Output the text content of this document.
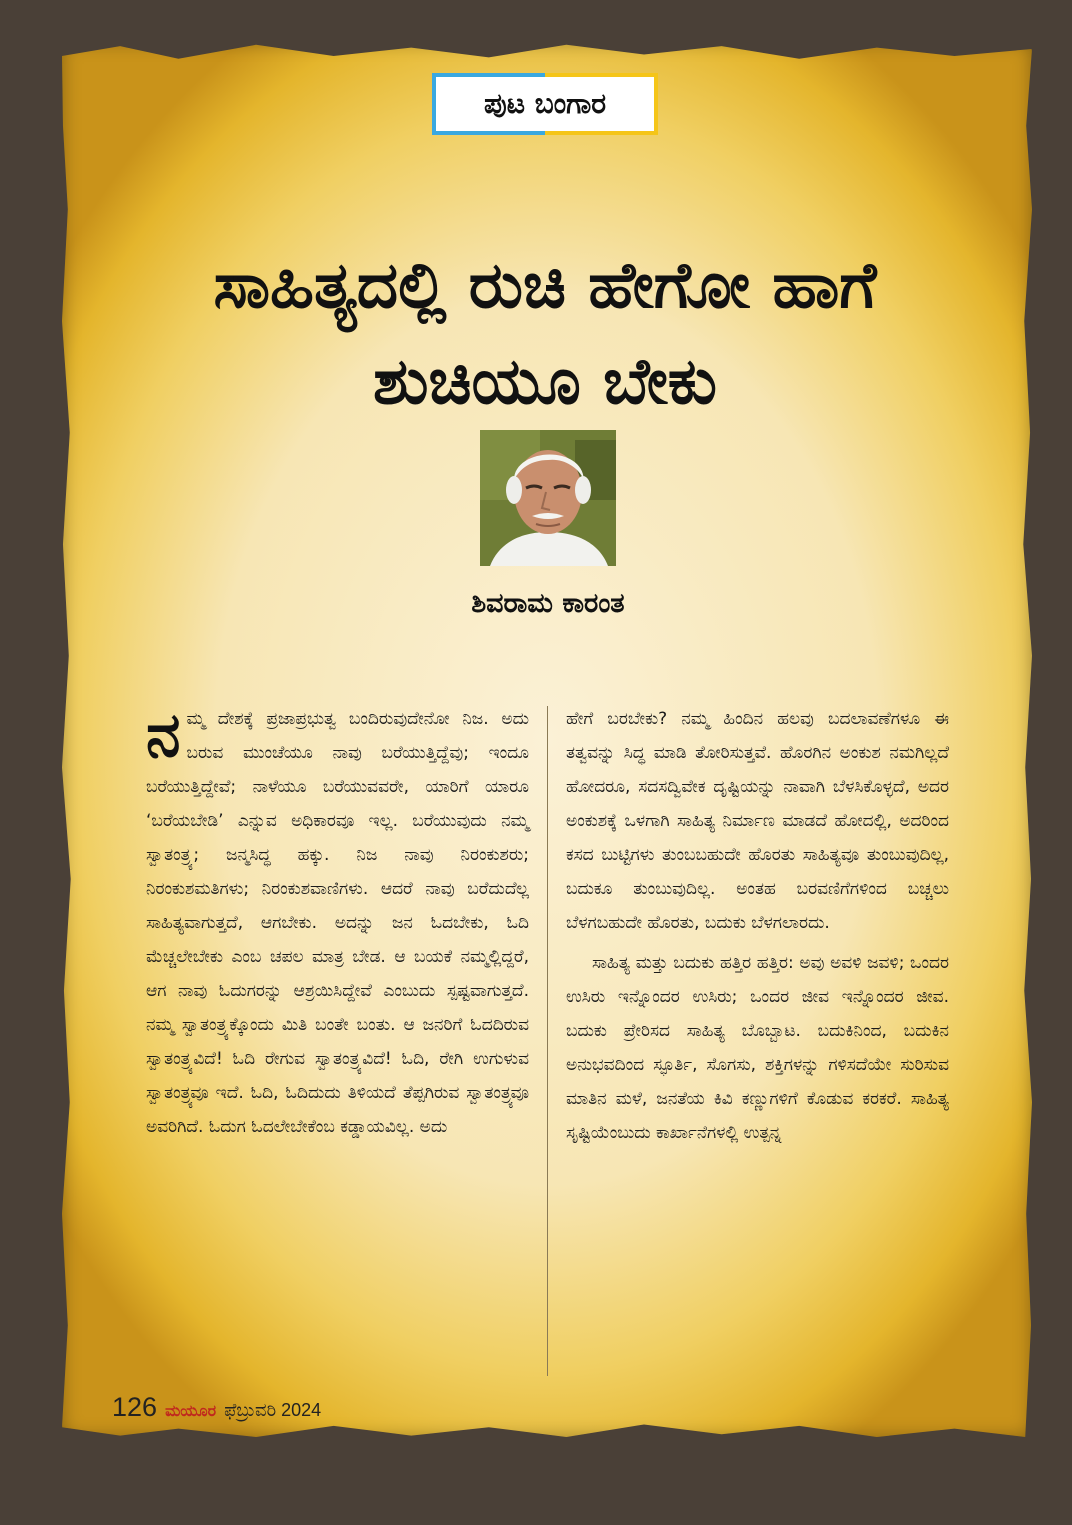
ಪುಟ ಬಂಗಾರ
ಸಾಹಿತ್ಯದಲ್ಲಿ ರುಚಿ ಹೇಗೋ ಹಾಗೆ
ಶುಚಿಯೂ ಬೇಕು
ಶಿವರಾಮ ಕಾರಂತ

ನಮ್ಮ ದೇಶಕ್ಕೆ ಪ್ರಜಾಪ್ರಭುತ್ವ ಬಂದಿರುವುದೇನೋ ನಿಜ. ಅದು ಬರುವ ಮುಂಚೆಯೂ ನಾವು ಬರೆಯುತ್ತಿದ್ದೆವು; ಇಂದೂ ಬರೆಯುತ್ತಿದ್ದೇವೆ; ನಾಳೆಯೂ ಬರೆಯುವವರೇ, ಯಾರಿಗೆ ಯಾರೂ ‘ಬರೆಯಬೇಡಿ’ ಎನ್ನುವ ಅಧಿಕಾರವೂ ಇಲ್ಲ. ಬರೆಯುವುದು ನಮ್ಮ ಸ್ವಾತಂತ್ರ್ಯ; ಜನ್ಮಸಿದ್ಧ ಹಕ್ಕು. ನಿಜ ನಾವು ನಿರಂಕುಶರು; ನಿರಂಕುಶಮತಿಗಳು; ನಿರಂಕುಶವಾಣಿಗಳು. ಆದರೆ ನಾವು ಬರೆದುದೆಲ್ಲ ಸಾಹಿತ್ಯವಾಗುತ್ತದೆ, ಆಗಬೇಕು. ಅದನ್ನು ಜನ ಓದಬೇಕು, ಓದಿ ಮೆಚ್ಚಲೇಬೇಕು ಎಂಬ ಚಪಲ ಮಾತ್ರ ಬೇಡ. ಆ ಬಯಕೆ ನಮ್ಮಲ್ಲಿದ್ದರೆ, ಆಗ ನಾವು ಓದುಗರನ್ನು ಆಶ್ರಯಿಸಿದ್ದೇವೆ ಎಂಬುದು ಸ್ಪಷ್ಟವಾಗುತ್ತದೆ. ನಮ್ಮ ಸ್ವಾತಂತ್ರ್ಯಕ್ಕೊಂದು ಮಿತಿ ಬಂತೇ ಬಂತು. ಆ ಜನರಿಗೆ ಓದದಿರುವ ಸ್ವಾತಂತ್ರ್ಯವಿದೆ! ಓದಿ ರೇಗುವ ಸ್ವಾತಂತ್ರ್ಯವಿದೆ! ಓದಿ, ರೇಗಿ ಉಗುಳುವ ಸ್ವಾತಂತ್ರ್ಯವೂ ಇದೆ. ಓದಿ, ಓದಿದುದು ತಿಳಿಯದೆ ತೆಪ್ಪಗಿರುವ ಸ್ವಾತಂತ್ರ್ಯವೂ ಅವರಿಗಿದೆ. ಓದುಗ ಓದಲೇಬೇಕೆಂಬ ಕಡ್ಡಾಯವಿಲ್ಲ. ಅದು

ಹೇಗೆ ಬರಬೇಕು? ನಮ್ಮ ಹಿಂದಿನ ಹಲವು ಬದಲಾವಣೆಗಳೂ ಈ ತತ್ವವನ್ನು ಸಿದ್ಧ ಮಾಡಿ ತೋರಿಸುತ್ತವೆ. ಹೊರಗಿನ ಅಂಕುಶ ನಮಗಿಲ್ಲದೆ ಹೋದರೂ, ಸದಸದ್ವಿವೇಕ ದೃಷ್ಟಿಯನ್ನು ನಾವಾಗಿ ಬೆಳಸಿಕೊಳ್ಳದೆ, ಅದರ ಅಂಕುಶಕ್ಕೆ ಒಳಗಾಗಿ ಸಾಹಿತ್ಯ ನಿರ್ಮಾಣ ಮಾಡದೆ ಹೋದಲ್ಲಿ, ಅದರಿಂದ ಕಸದ ಬುಟ್ಟಿಗಳು ತುಂಬಬಹುದೇ ಹೊರತು ಸಾಹಿತ್ಯವೂ ತುಂಬುವುದಿಲ್ಲ, ಬದುಕೂ ತುಂಬುವುದಿಲ್ಲ. ಅಂತಹ ಬರವಣಿಗೆಗಳಿಂದ ಬಚ್ಚಲು ಬೆಳಗಬಹುದೇ ಹೊರತು, ಬದುಕು ಬೆಳಗಲಾರದು.

ಸಾಹಿತ್ಯ ಮತ್ತು ಬದುಕು ಹತ್ತಿರ ಹತ್ತಿರ: ಅವು ಅವಳಿ ಜವಳಿ; ಒಂದರ ಉಸಿರು ಇನ್ನೊಂದರ ಉಸಿರು; ಒಂದರ ಜೀವ ಇನ್ನೊಂದರ ಜೀವ. ಬದುಕು ಪ್ರೇರಿಸದ ಸಾಹಿತ್ಯ ಬೊಬ್ಬಾಟ. ಬದುಕಿನಿಂದ, ಬದುಕಿನ ಅನುಭವದಿಂದ ಸ್ಫೂರ್ತಿ, ಸೊಗಸು, ಶಕ್ತಿಗಳನ್ನು ಗಳಿಸದೆಯೇ ಸುರಿಸುವ ಮಾತಿನ ಮಳೆ, ಜನತೆಯ ಕಿವಿ ಕಣ್ಣುಗಳಿಗೆ ಕೊಡುವ ಕರಕರೆ. ಸಾಹಿತ್ಯ ಸೃಷ್ಟಿಯೆಂಬುದು ಕಾರ್ಖಾನೆಗಳಲ್ಲಿ ಉತ್ಪನ್ನ

126 ಮಯೂರ ಫೆಬ್ರುವರಿ 2024
